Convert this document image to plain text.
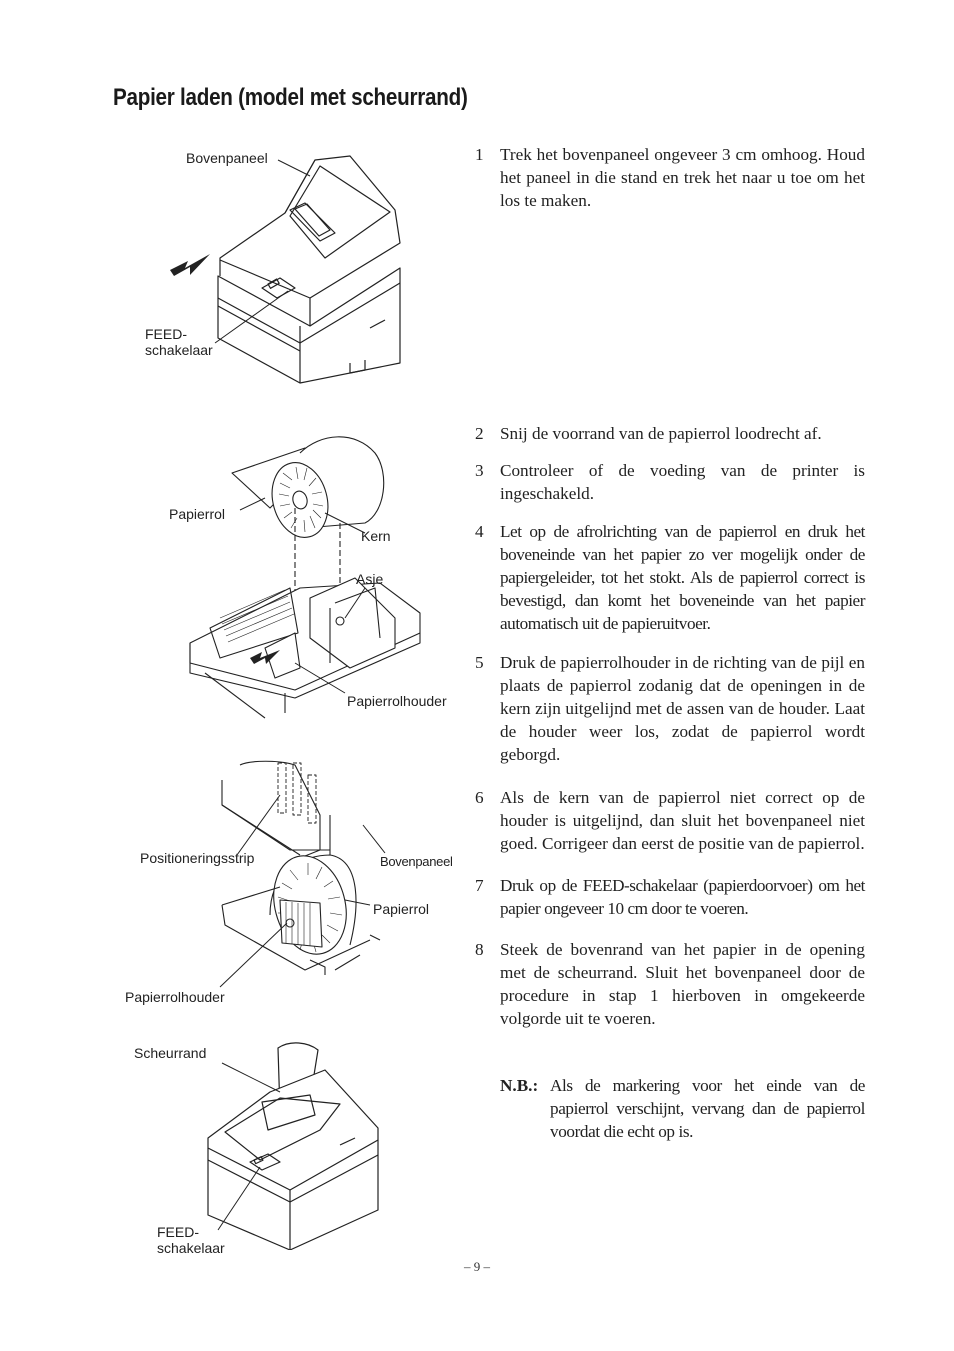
Papier laden (model met scheurrand)
Bovenpaneel
FEED-
schakelaar
Papierrol
Kern
Asje
Papierrolhouder
Positioneringsstrip	Bovenpaneel
Papierrol
Papierrolhouder
Scheurrand
FEED-
schakelaar

1 Trek het bovenpaneel ongeveer 3 cm omhoog. Houd het paneel in die stand en trek het naar u toe om het los te maken.

2 Snij de voorrand van de papierrol loodrecht af.

3 Controleer of de voeding van de printer is ingeschakeld.

4 Let op de afrolrichting van de papierrol en druk het boveneinde van het papier zo ver mogelijk onder de papiergeleider, tot het stokt. Als de papierrol correct is bevestigd, dan komt het boveneinde van het papier automatisch uit de papieruitvoer.

5 Druk de papierrolhouder in de richting van de pijl en plaats de papierrol zodanig dat de openingen in de kern zijn uitgelijnd met de assen van de houder. Laat de houder weer los, zodat de papierrol wordt geborgd.

6 Als de kern van de papierrol niet correct op de houder is uitgelijnd, dan sluit het bovenpaneel niet goed. Corrigeer dan eerst de positie van de papierrol.

7 Druk op de FEED-schakelaar (papierdoorvoer) om het papier ongeveer 10 cm door te voeren.

8 Steek de bovenrand van het papier in de opening met de scheurrand. Sluit het bovenpaneel door de procedure in stap 1 hierboven in omgekeerde volgorde uit te voeren.

N.B.: Als de markering voor het einde van de papierrol verschijnt, vervang dan de papierrol voordat die echt op is.
– 9 –
